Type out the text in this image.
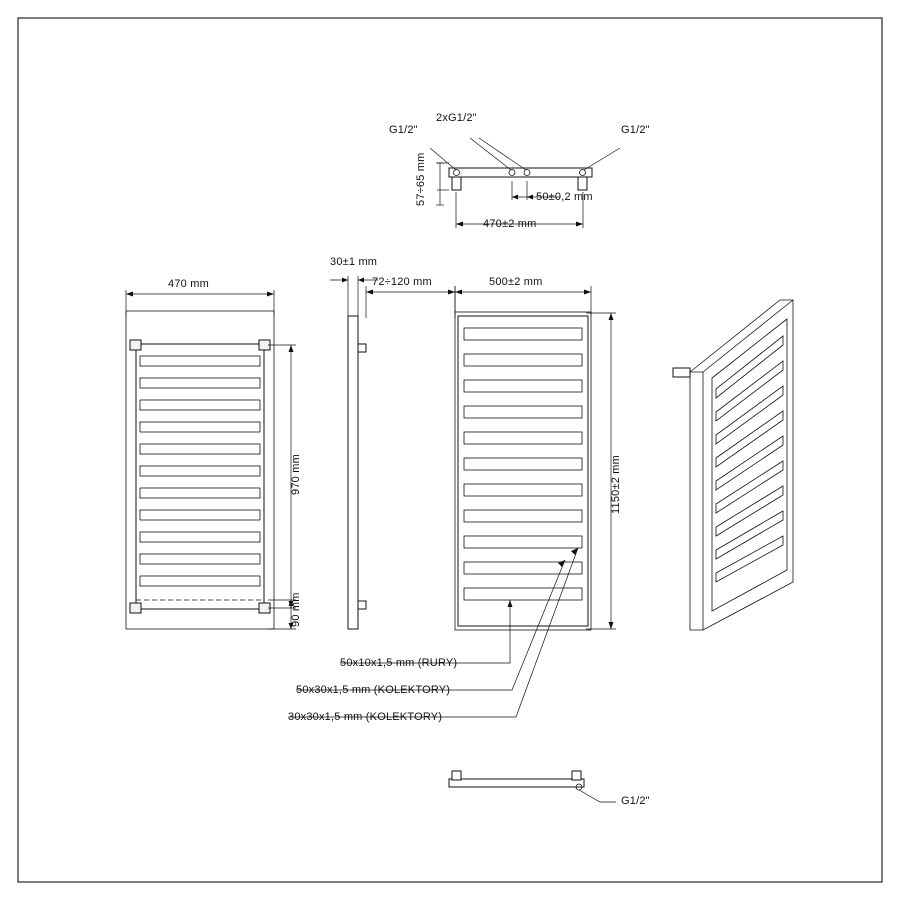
G1/2"
2xG1/2"
G1/2"
57÷65 mm	50±0,2 mm
470±2 mm
470 mm
970 mm
90 mm
30±1 mm
72÷120 mm	500±2 mm
1150±2 mm
50x10x1,5 mm (RURY)
50x30x1,5 mm (KOLEKTORY)
30x30x1,5 mm (KOLEKTORY)
G1/2"
